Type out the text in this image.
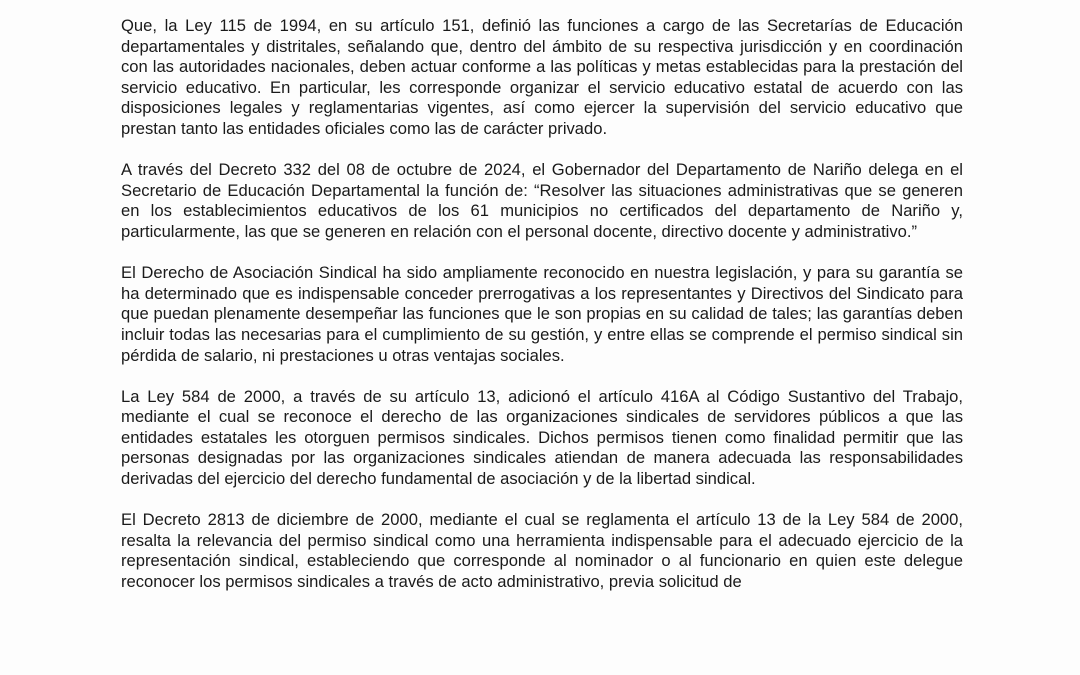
Que, la Ley 115 de 1994, en su artículo 151, definió las funciones a cargo de las Secretarías de Educación departamentales y distritales, señalando que, dentro del ámbito de su respectiva jurisdicción y en coordinación con las autoridades nacionales, deben actuar conforme a las políticas y metas establecidas para la prestación del servicio educativo. En particular, les corresponde organizar el servicio educativo estatal de acuerdo con las disposiciones legales y reglamentarias vigentes, así como ejercer la supervisión del servicio educativo que prestan tanto las entidades oficiales como las de carácter privado.

A través del Decreto 332 del 08 de octubre de 2024, el Gobernador del Departamento de Nariño delega en el Secretario de Educación Departamental la función de: “Resolver las situaciones administrativas que se generen en los establecimientos educativos de los 61 municipios no certificados del departamento de Nariño y, particularmente, las que se generen en relación con el personal docente, directivo docente y administrativo.”

El Derecho de Asociación Sindical ha sido ampliamente reconocido en nuestra legislación, y para su garantía se ha determinado que es indispensable conceder prerrogativas a los representantes y Directivos del Sindicato para que puedan plenamente desempeñar las funciones que le son propias en su calidad de tales; las garantías deben incluir todas las necesarias para el cumplimiento de su gestión, y entre ellas se comprende el permiso sindical sin pérdida de salario, ni prestaciones u otras ventajas sociales.

La Ley 584 de 2000, a través de su artículo 13, adicionó el artículo 416A al Código Sustantivo del Trabajo, mediante el cual se reconoce el derecho de las organizaciones sindicales de servidores públicos a que las entidades estatales les otorguen permisos sindicales. Dichos permisos tienen como finalidad permitir que las personas designadas por las organizaciones sindicales atiendan de manera adecuada las responsabilidades derivadas del ejercicio del derecho fundamental de asociación y de la libertad sindical.

El Decreto 2813 de diciembre de 2000, mediante el cual se reglamenta el artículo 13 de la Ley 584 de 2000, resalta la relevancia del permiso sindical como una herramienta indispensable para el adecuado ejercicio de la representación sindical, estableciendo que corresponde al nominador o al funcionario en quien este delegue reconocer los permisos sindicales a través de acto administrativo, previa solicitud de
